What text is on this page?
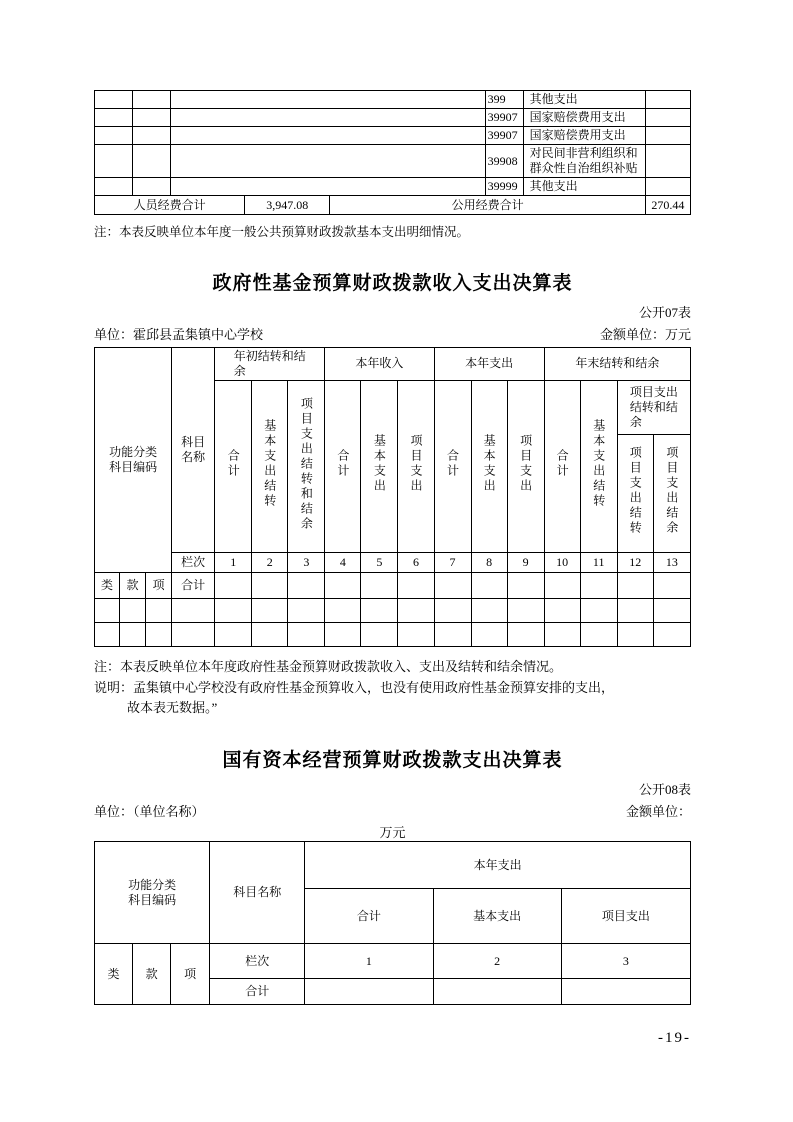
					399	其他支出	
					39907	国家赔偿费用支出	
					39907	国家赔偿费用支出	
					39908	对民间非营利组织和群众性自治组织补贴	
					39999	其他支出	
人员经费合计			3,947.08	公用经费合计			270.44
注：本表反映单位本年度一般公共预算财政拨款基本支出明细情况。
政府性基金预算财政拨款收入支出决算表
公开07表
单位：霍邱县孟集镇中心学校	金额单位：万元
功能分类科目编码			科目名称	年初结转和结余			本年收入			本年支出			年末结转和结余			
				合计	基本支出结转	项目支出结转和结余	合计	基本支出	项目支出	合计	基本支出	项目支出	合计	基本支出结转	项目支出结转和结余	
															项目支出结转	项目支出结余
			栏次	1	2	3	4	5	6	7	8	9	10	11	12	13
类	款	项	合计													

注：本表反映单位本年度政府性基金预算财政拨款收入、支出及结转和结余情况。
说明：孟集镇中心学校没有政府性基金预算收入，也没有使用政府性基金预算安排的支出，
故本表无数据。”
国有资本经营预算财政拨款支出决算表
公开08表
单位：（单位名称）	金额单位：
万元
功能分类科目编码			科目名称	本年支出		
				合计	基本支出	项目支出
类	款	项	栏次	1	2	3
			合计			
-19-
